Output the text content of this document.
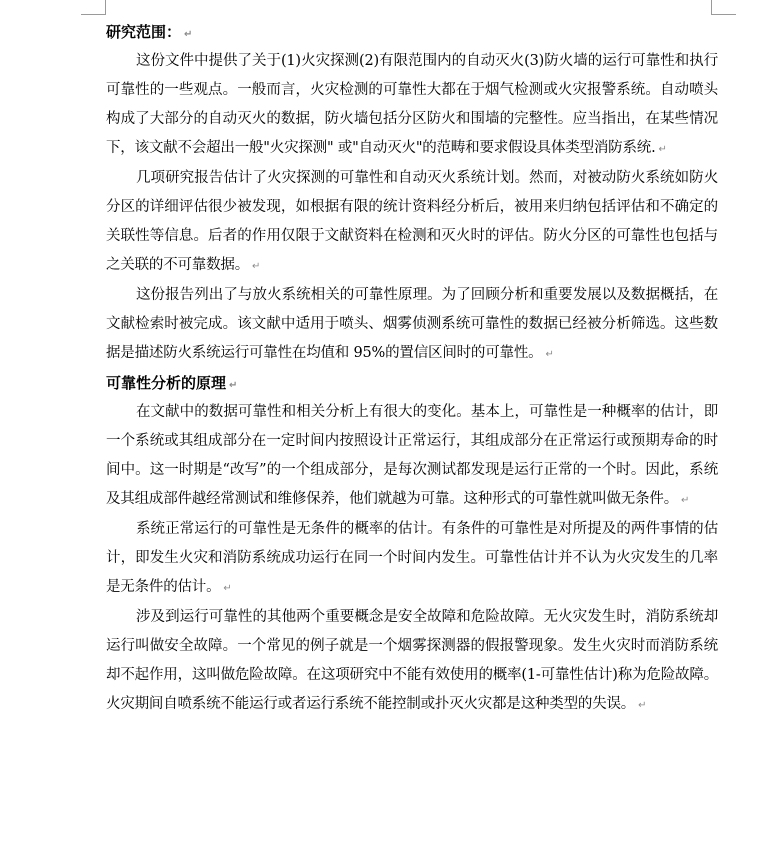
研究范围： ↵

这份文件中提供了关于(1)火灾探测(2)有限范围内的自动灭火(3)防火墙的运行可靠性和执行可靠性的一些观点。一般而言，火灾检测的可靠性大都在于烟气检测或火灾报警系统。自动喷头构成了大部分的自动灭火的数据，防火墙包括分区防火和围墙的完整性。应当指出，在某些情况下，该文献不会超出一般"火灾探测" 或"自动灭火"的范畴和要求假设具体类型消防系统. ↵

几项研究报告估计了火灾探测的可靠性和自动灭火系统计划。然而，对被动防火系统如防火分区的详细评估很少被发现，如根据有限的统计资料经分析后，被用来归纳包括评估和不确定的关联性等信息。后者的作用仅限于文献资料在检测和灭火时的评估。防火分区的可靠性也包括与之关联的不可靠数据。 ↵

这份报告列出了与放火系统相关的可靠性原理。为了回顾分析和重要发展以及数据概括，在文献检索时被完成。该文献中适用于喷头、烟雾侦测系统可靠性的数据已经被分析筛选。这些数据是描述防火系统运行可靠性在均值和 95%的置信区间时的可靠性。 ↵

可靠性分析的原理 ↵

在文献中的数据可靠性和相关分析上有很大的变化。基本上，可靠性是一种概率的估计，即一个系统或其组成部分在一定时间内按照设计正常运行，其组成部分在正常运行或预期寿命的时间中。这一时期是“改写”的一个组成部分，是每次测试都发现是运行正常的一个时。因此，系统及其组成部件越经常测试和维修保养，他们就越为可靠。这种形式的可靠性就叫做无条件。 ↵

系统正常运行的可靠性是无条件的概率的估计。有条件的可靠性是对所提及的两件事情的估计，即发生火灾和消防系统成功运行在同一个时间内发生。可靠性估计并不认为火灾发生的几率是无条件的估计。 ↵

涉及到运行可靠性的其他两个重要概念是安全故障和危险故障。无火灾发生时，消防系统却运行叫做安全故障。一个常见的例子就是一个烟雾探测器的假报警现象。发生火灾时而消防系统却不起作用，这叫做危险故障。在这项研究中不能有效使用的概率(1-可靠性估计)称为危险故障。火灾期间自喷系统不能运行或者运行系统不能控制或扑灭火灾都是这种类型的失误。 ↵
